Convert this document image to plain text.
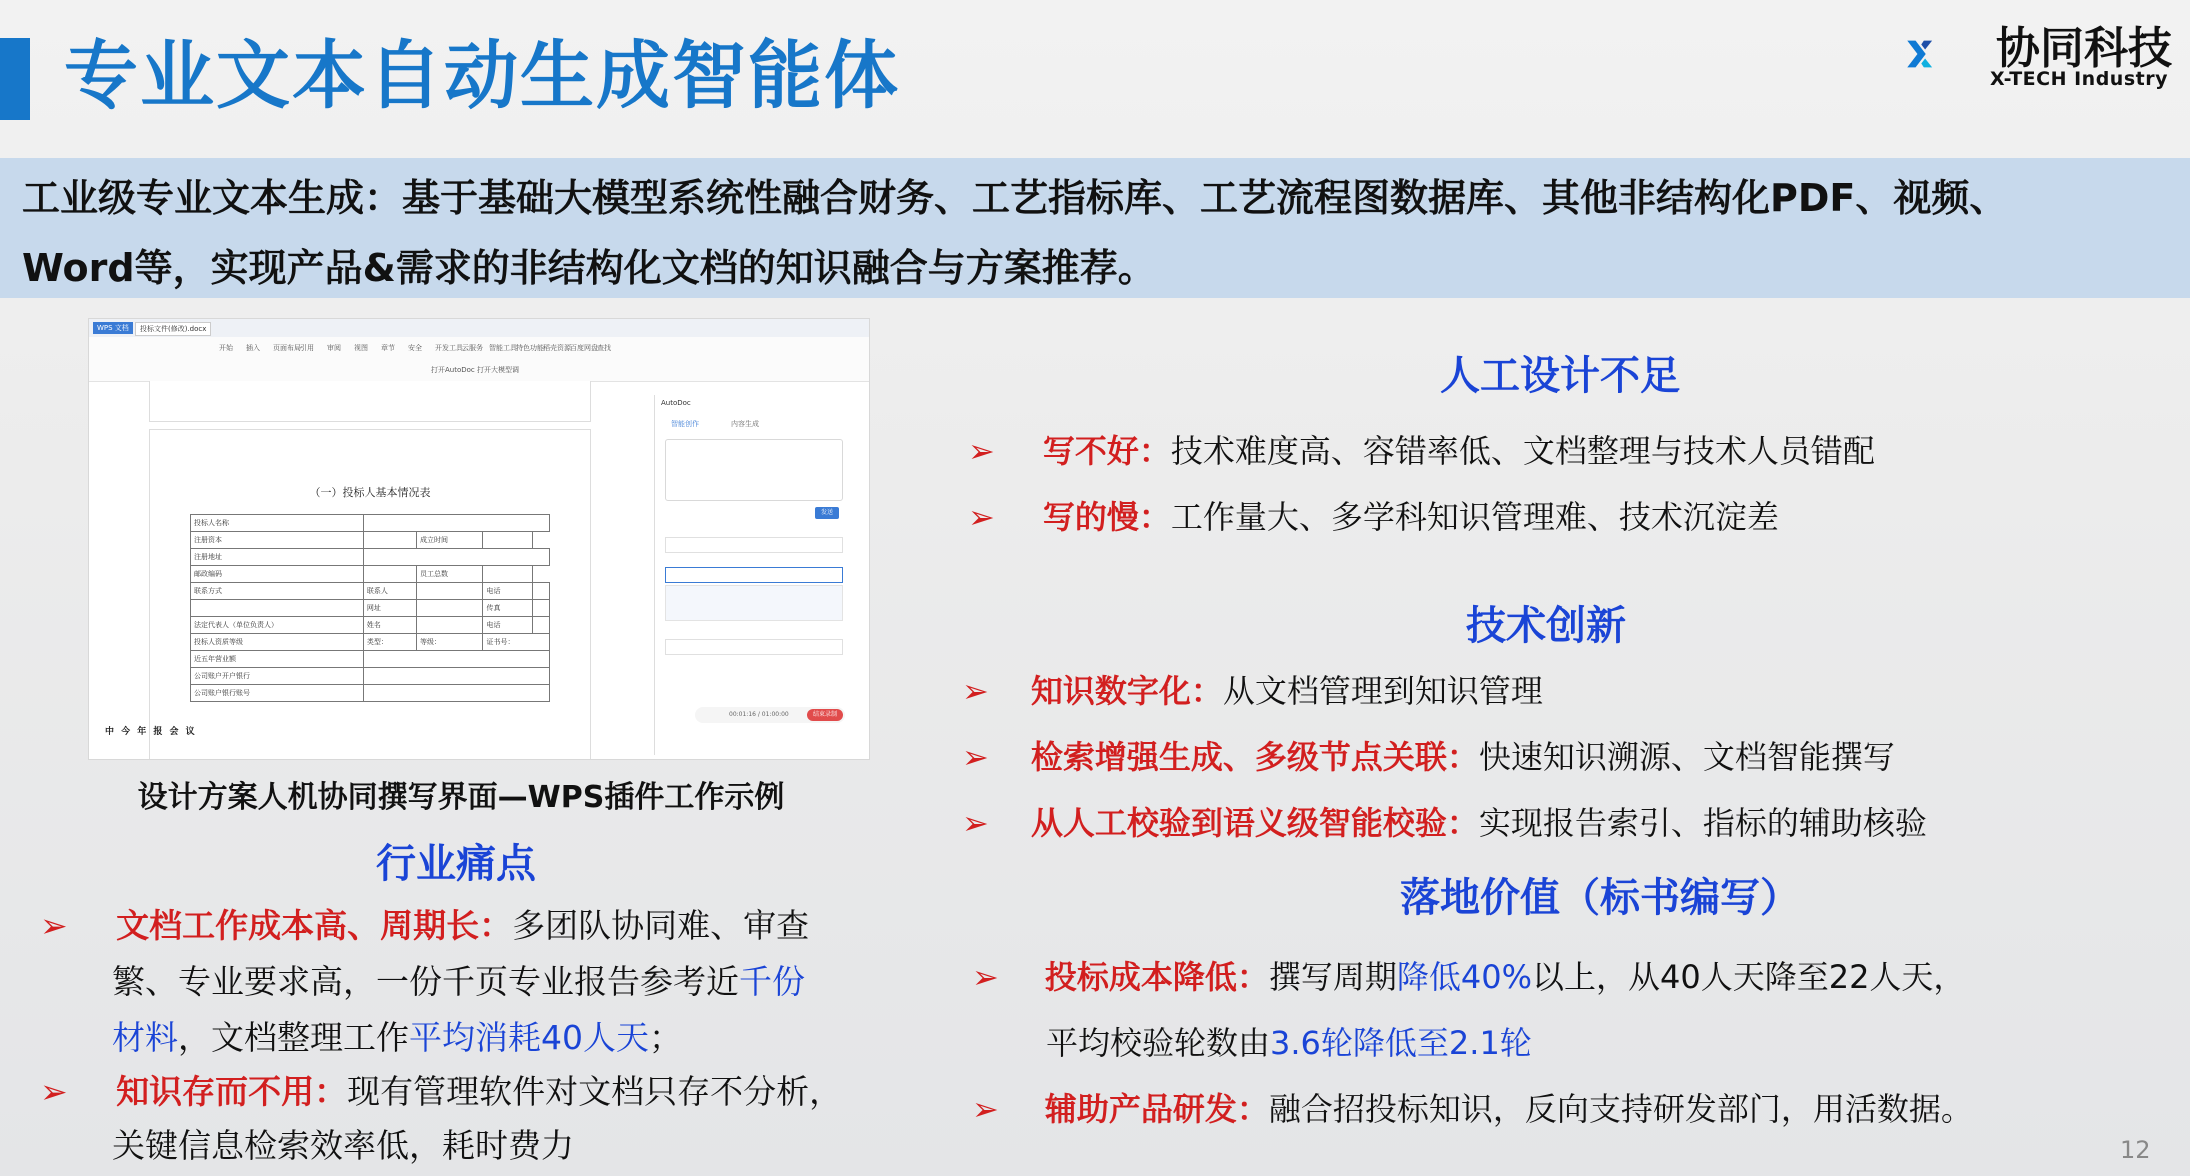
专业文本自动生成智能体	协同科技
X-TECH Industry
工业级专业文本生成：基于基础大模型系统性融合财务、工艺指标库、工艺流程图数据库、其他非结构化PDF、视频、
Word等，实现产品&需求的非结构化文档的知识融合与方案推荐。
WPS 文档	投标文件(修改).docx
打开AutoDoc 打开大模型调
开始 插入 页面布局 引用 审阅 视图 章节 安全 开发工具 云服务 智能工具 特色功能 稻壳资源 百度网盘 查找
（一）投标人基本情况表
投标人名称				
注册资本		成立时间		
注册地址				
邮政编码		员工总数		
联系方式	联系人		电话	
	网址		传真	
法定代表人（单位负责人）	姓名		电话	
投标人资质等级	类型：	等级：	证书号：	
近五年营业额				
公司账户开户银行				
公司账户银行账号				
中 今 年 报 会 议
AutoDoc
智能创作	内容生成
发送
00:01:16 / 01:00:00	结束录制
设计方案人机协同撰写界面—WPS插件工作示例
行业痛点
➢ 文档工作成本高、周期长：多团队协同难、审查
繁、专业要求高，一份千页专业报告参考近千份
材料，文档整理工作平均消耗40人天；
➢ 知识存而不用：现有管理软件对文档只存不分析，
关键信息检索效率低，耗时费力
人工设计不足
➢ 写不好：技术难度高、容错率低、文档整理与技术人员错配
➢ 写的慢：工作量大、多学科知识管理难、技术沉淀差
技术创新
➢ 知识数字化：从文档管理到知识管理
➢ 检索增强生成、多级节点关联：快速知识溯源、文档智能撰写
➢ 从人工校验到语义级智能校验：实现报告索引、指标的辅助核验
落地价值（标书编写）
➢ 投标成本降低：撰写周期降低40%以上，从40人天降至22人天，
平均校验轮数由3.6轮降低至2.1轮
➢ 辅助产品研发：融合招投标知识，反向支持研发部门，用活数据。
12
